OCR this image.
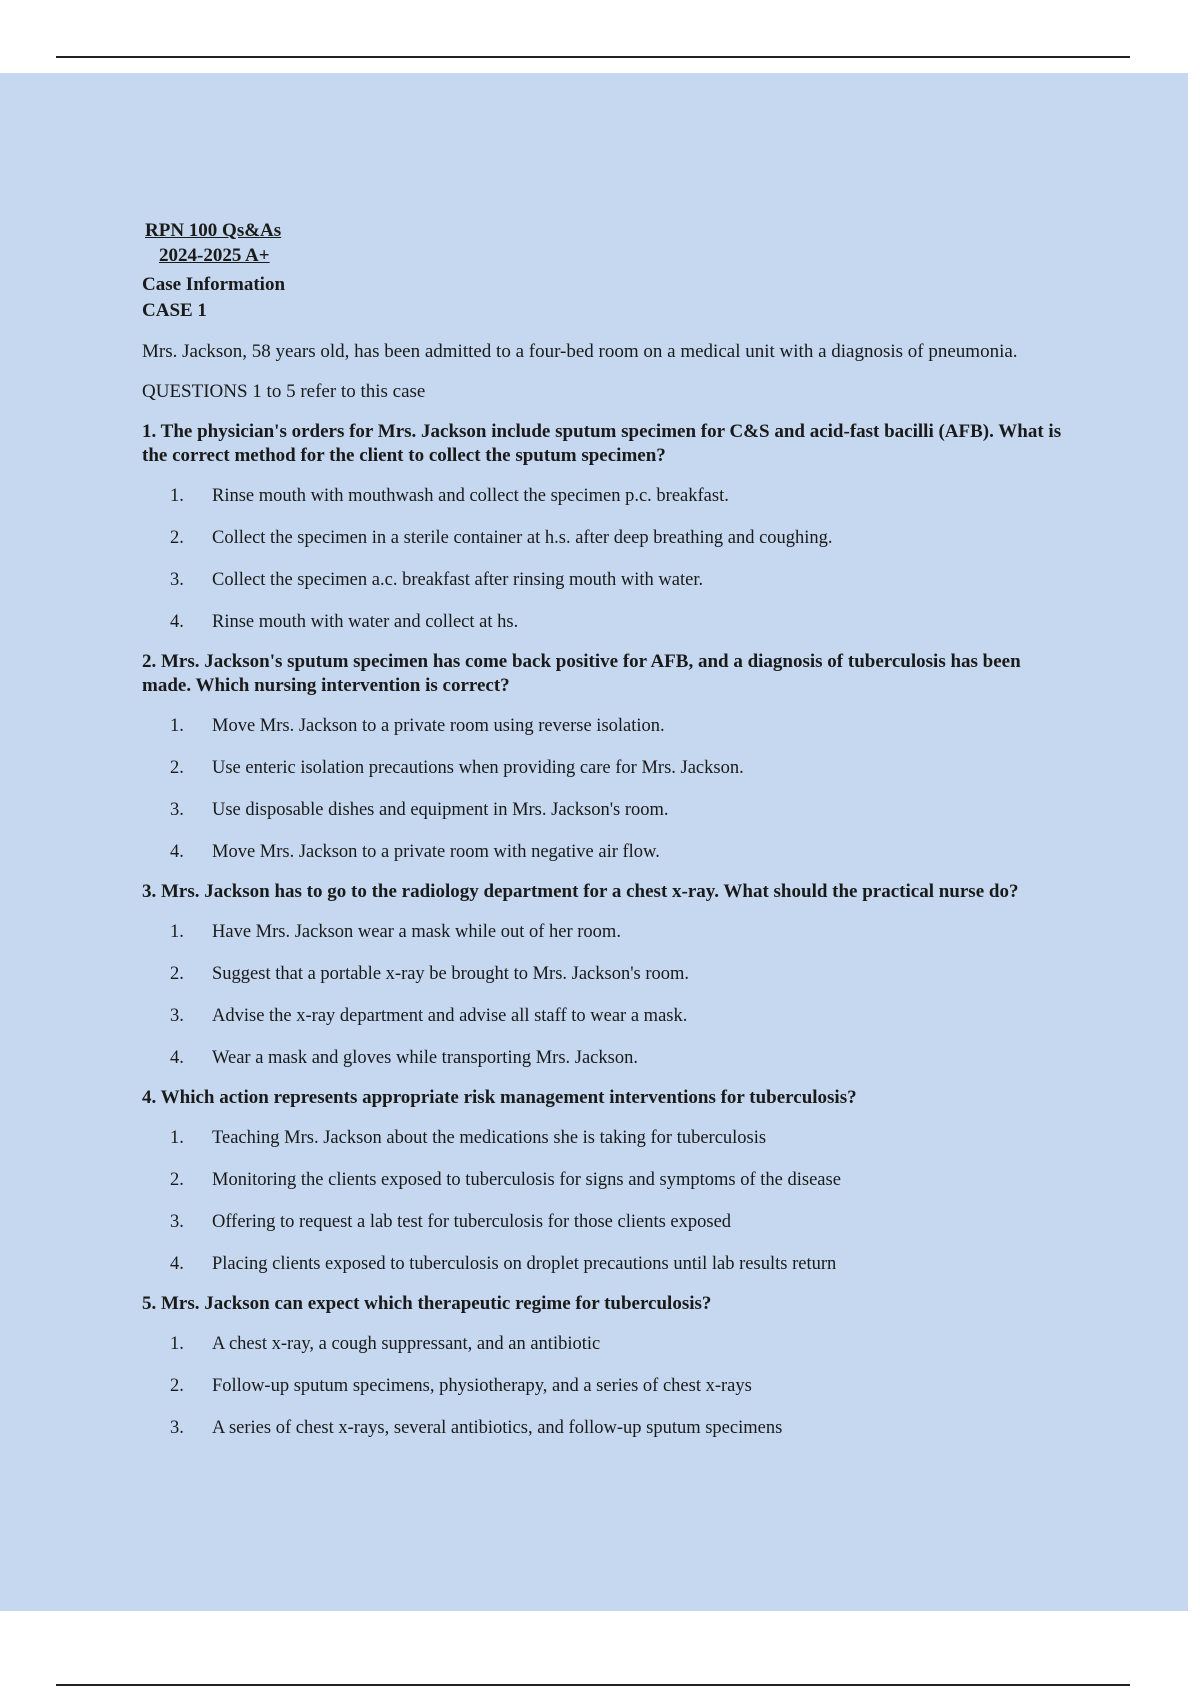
RPN 100 Qs&As
2024-2025 A+
Case Information
CASE 1
Mrs. Jackson, 58 years old, has been admitted to a four-bed room on a medical unit with a diagnosis of pneumonia.
QUESTIONS 1 to 5 refer to this case
1. The physician's orders for Mrs. Jackson include sputum specimen for C&S and acid-fast bacilli (AFB). What is the correct method for the client to collect the sputum specimen?
1.	Rinse mouth with mouthwash and collect the specimen p.c. breakfast.
2.	Collect the specimen in a sterile container at h.s. after deep breathing and coughing.
3.	Collect the specimen a.c. breakfast after rinsing mouth with water.
4.	Rinse mouth with water and collect at hs.
2. Mrs. Jackson's sputum specimen has come back positive for AFB, and a diagnosis of tuberculosis has been made. Which nursing intervention is correct?
1.	Move Mrs. Jackson to a private room using reverse isolation.
2.	Use enteric isolation precautions when providing care for Mrs. Jackson.
3.	Use disposable dishes and equipment in Mrs. Jackson's room.
4.	Move Mrs. Jackson to a private room with negative air flow.
3. Mrs. Jackson has to go to the radiology department for a chest x-ray. What should the practical nurse do?
1.	Have Mrs. Jackson wear a mask while out of her room.
2.	Suggest that a portable x-ray be brought to Mrs. Jackson's room.
3.	Advise the x-ray department and advise all staff to wear a mask.
4.	Wear a mask and gloves while transporting Mrs. Jackson.
4. Which action represents appropriate risk management interventions for tuberculosis?
1.	Teaching Mrs. Jackson about the medications she is taking for tuberculosis
2.	Monitoring the clients exposed to tuberculosis for signs and symptoms of the disease
3.	Offering to request a lab test for tuberculosis for those clients exposed
4.	Placing clients exposed to tuberculosis on droplet precautions until lab results return
5. Mrs. Jackson can expect which therapeutic regime for tuberculosis?
1.	A chest x-ray, a cough suppressant, and an antibiotic
2.	Follow-up sputum specimens, physiotherapy, and a series of chest x-rays
3.	A series of chest x-rays, several antibiotics, and follow-up sputum specimens
